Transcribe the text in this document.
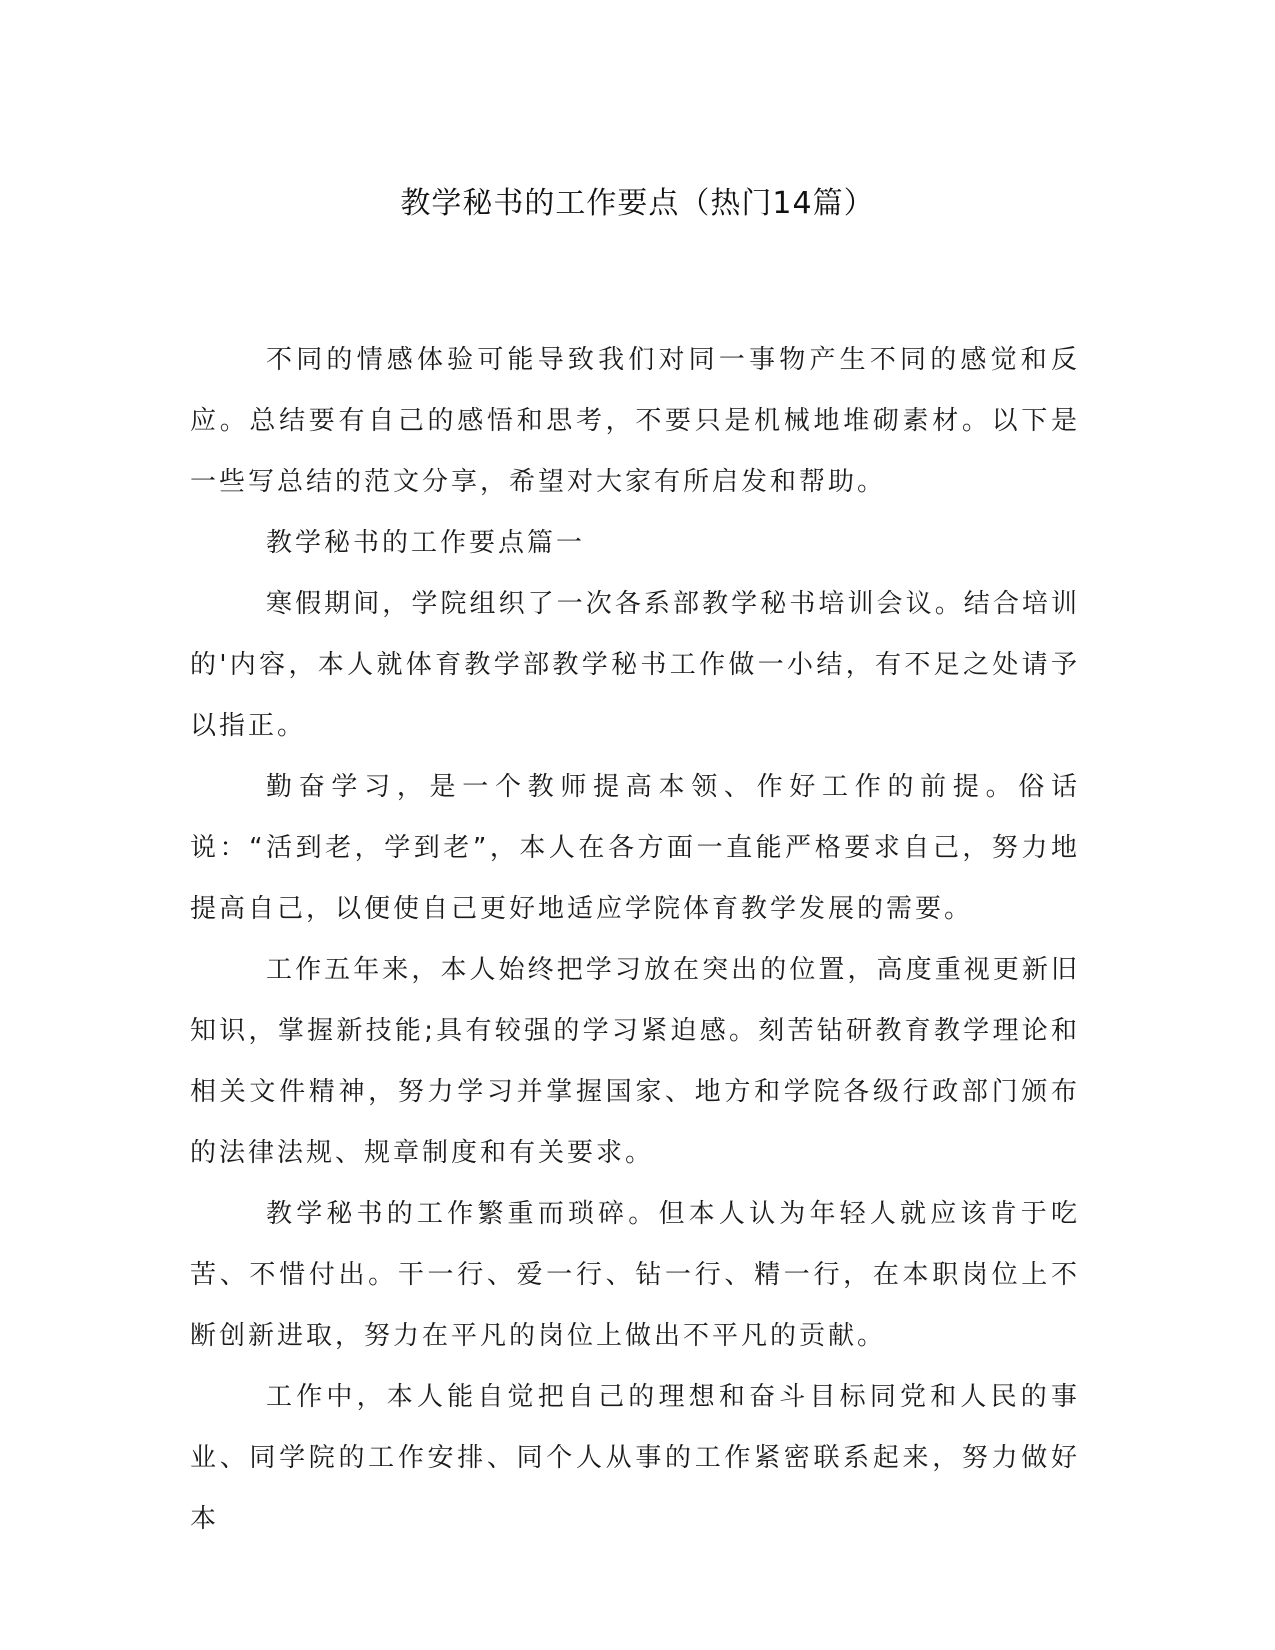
教学秘书的工作要点（热门14篇）

不同的情感体验可能导致我们对同一事物产生不同的感觉和反应。总结要有自己的感悟和思考，不要只是机械地堆砌素材。以下是一些写总结的范文分享，希望对大家有所启发和帮助。

教学秘书的工作要点篇一

寒假期间，学院组织了一次各系部教学秘书培训会议。结合培训的'内容，本人就体育教学部教学秘书工作做一小结，有不足之处请予以指正。

勤奋学习，是一个教师提高本领、作好工作的前提。俗话说：“活到老，学到老”，本人在各方面一直能严格要求自己，努力地提高自己，以便使自己更好地适应学院体育教学发展的需要。

工作五年来，本人始终把学习放在突出的位置，高度重视更新旧知识，掌握新技能;具有较强的学习紧迫感。刻苦钻研教育教学理论和相关文件精神，努力学习并掌握国家、地方和学院各级行政部门颁布的法律法规、规章制度和有关要求。

教学秘书的工作繁重而琐碎。但本人认为年轻人就应该肯于吃苦、不惜付出。干一行、爱一行、钻一行、精一行，在本职岗位上不断创新进取，努力在平凡的岗位上做出不平凡的贡献。

工作中，本人能自觉把自己的理想和奋斗目标同党和人民的事业、同学院的工作安排、同个人从事的工作紧密联系起来，努力做好本
